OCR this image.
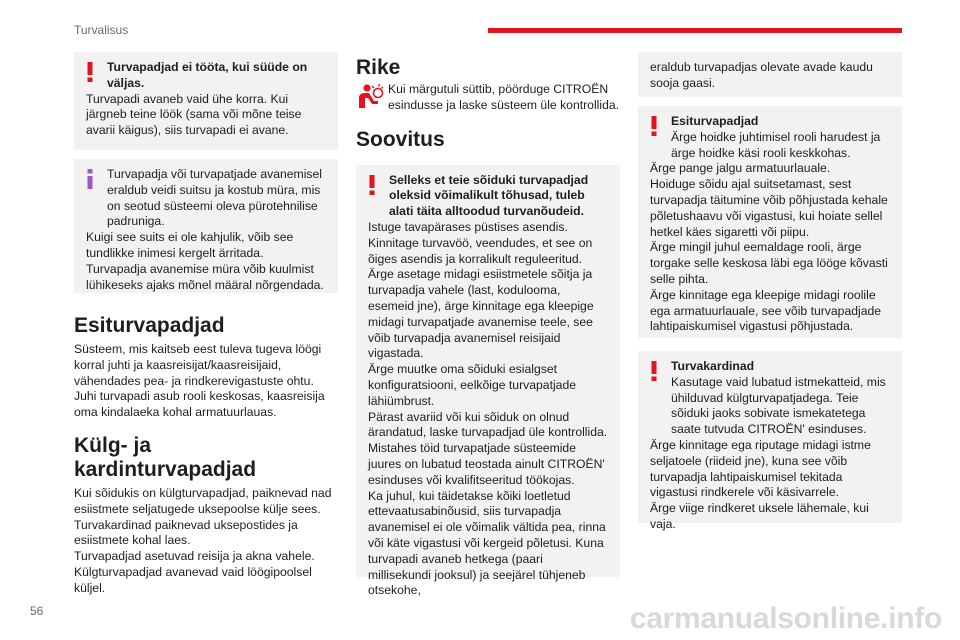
Turvalisus

Turvapadjad ei tööta, kui süüde on väljas.

Turvapadi avaneb vaid ühe korra. Kui järgneb teine löök (sama või mõne teise avarii käigus), siis turvapadi ei avane.

Turvapadja või turvapatjade avanemisel eraldub veidi suitsu ja kostub müra, mis on seotud süsteemi oleva pürotehnilise padruniga.

Kuigi see suits ei ole kahjulik, võib see tundlikke inimesi kergelt ärritada.

Turvapadja avanemise müra võib kuulmist lühikeseks ajaks mõnel määral nõrgendada.

Esiturvapadjad

Süsteem, mis kaitseb eest tuleva tugeva löögi korral juhti ja kaasreisijat/kaasreisijaid, vähendades pea- ja rindkerevigastuste ohtu.

Juhi turvapadi asub rooli keskosas, kaasreisija oma kindalaeka kohal armatuurlauas.

Külg- ja kardinturvapadjad

Kui sõidukis on külgturvapadjad, paiknevad nad esiistmete seljatugede uksepoolse külje sees.

Turvakardinad paiknevad uksepostides ja esiistmete kohal laes.

Turvapadjad asetuvad reisija ja akna vahele.

Külgturvapadjad avanevad vaid löögipoolsel küljel.

Rike

Kui märgutuli süttib, pöörduge CITROËN esindusse ja laske süsteem üle kontrollida.

Soovitus

Selleks et teie sõiduki turvapadjad oleksid võimalikult tõhusad, tuleb alati täita alltoodud turvanõudeid.

Istuge tavapärases püstises asendis.

Kinnitage turvavöö, veendudes, et see on õiges asendis ja korralikult reguleeritud.

Ärge asetage midagi esiistmetele sõitja ja turvapadja vahele (last, kodulooma, esemeid jne), ärge kinnitage ega kleepige midagi turvapatjade avanemise teele, see võib turvapadja avanemisel reisijaid vigastada.

Ärge muutke oma sõiduki esialgset konfiguratsiooni, eelkõige turvapatjade lähiümbrust.

Pärast avariid või kui sõiduk on olnud ärandatud, laske turvapadjad üle kontrollida.

Mistahes töid turvapatjade süsteemide juures on lubatud teostada ainult CITROËN' esinduses või kvalifitseeritud töökojas.

Ka juhul, kui täidetakse kõiki loetletud ettevaatusabinõusid, siis turvapadja avanemisel ei ole võimalik vältida pea, rinna või käte vigastusi või kergeid põletusi. Kuna turvapadi avaneb hetkega (paari millisekundi jooksul) ja seejärel tühjeneb otsekohe,

eraldub turvapadjas olevate avade kaudu sooja gaasi.

Esiturvapadjad

Ärge hoidke juhtimisel rooli harudest ja ärge hoidke käsi rooli keskkohas.

Ärge pange jalgu armatuurlauale.

Hoiduge sõidu ajal suitsetamast, sest turvapadja täitumine võib põhjustada kehale põletushaavu või vigastusi, kui hoiate sellel hetkel käes sigaretti või piipu.

Ärge mingil juhul eemaldage rooli, ärge torgake selle keskosa läbi ega lööge kõvasti selle pihta.

Ärge kinnitage ega kleepige midagi roolile ega armatuurlauale, see võib turvapadjade lahtipaiskumisel vigastusi põhjustada.

Turvakardinad

Kasutage vaid lubatud istmekatteid, mis ühilduvad külgturvapatjadega. Teie sõiduki jaoks sobivate ismekatetega saate tutvuda CITROËN' esinduses.

Ärge kinnitage ega riputage midagi istme seljatoele (riideid jne), kuna see võib turvapadja lahtipaiskumisel tekitada vigastusi rindkerele või käsivarrele.

Ärge viige rindkeret uksele lähemale, kui vaja.

56	carmanualsonline.info
